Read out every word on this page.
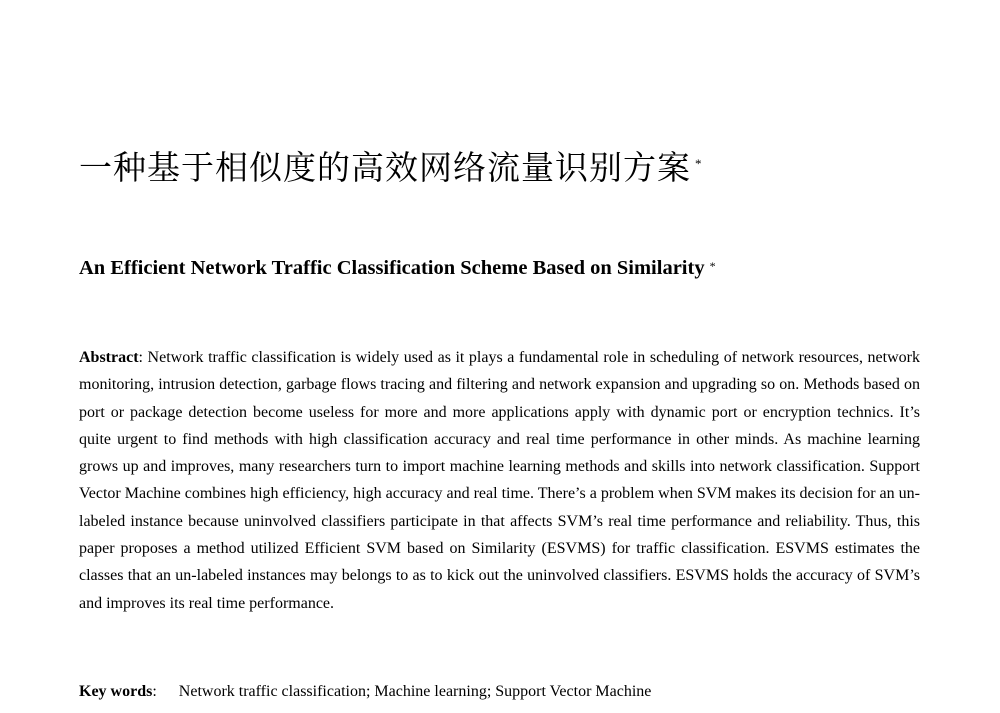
一种基于相似度的高效网络流量识别方案 *
An Efficient Network Traffic Classification Scheme Based on Similarity *

Abstract: Network traffic classification is widely used as it plays a fundamental role in scheduling of network resources, network monitoring, intrusion detection, garbage flows tracing and filtering and network expansion and upgrading so on. Methods based on port or package detection become useless for more and more applications apply with dynamic port or encryption technics. It’s quite urgent to find methods with high classification accuracy and real time performance in other minds. As machine learning grows up and improves, many researchers turn to import machine learning methods and skills into network classification. Support Vector Machine combines high efficiency, high accuracy and real time. There’s a problem when SVM makes its decision for an un-labeled instance because uninvolved classifiers participate in that affects SVM’s real time performance and reliability. Thus, this paper proposes a method utilized Efficient SVM based on Similarity (ESVMS) for traffic classification. ESVMS estimates the classes that an un-labeled instances may belongs to as to kick out the uninvolved classifiers. ESVMS holds the accuracy of SVM’s and improves its real time performance.

Key words: Network traffic classification; Machine learning; Support Vector Machine
